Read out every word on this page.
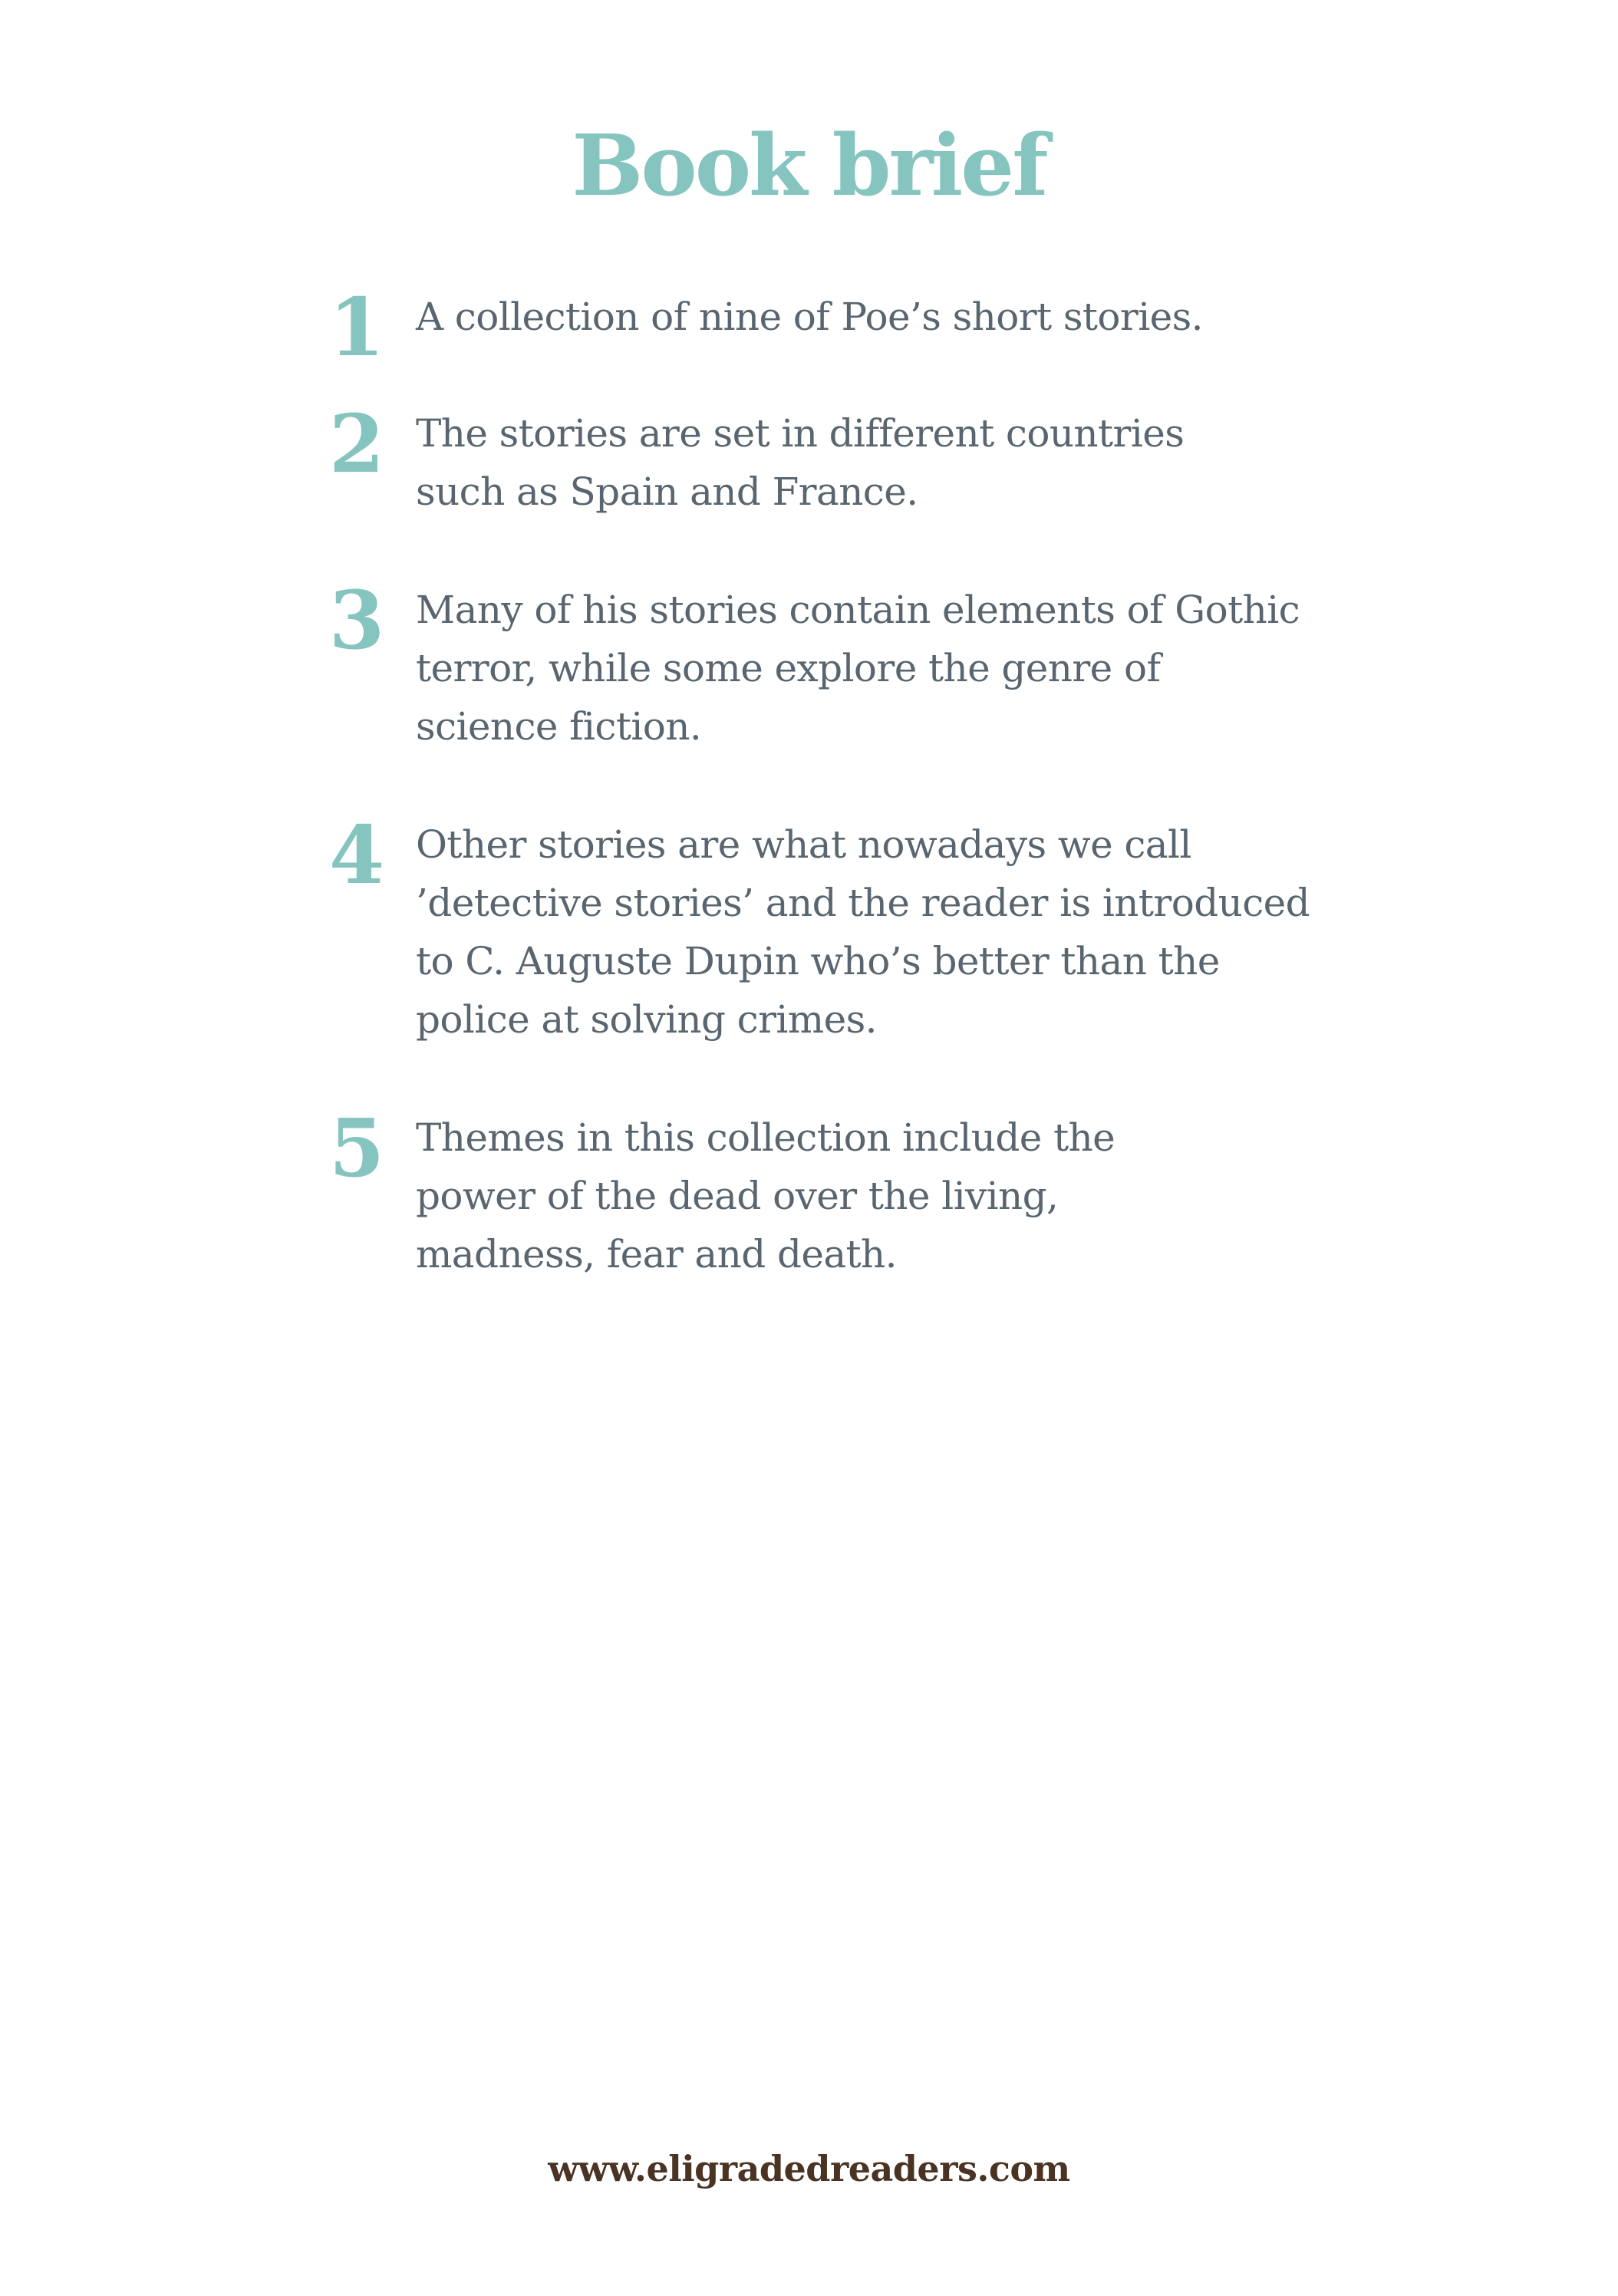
Book brief
1 A collection of nine of Poe’s short stories.

2 The stories are set in different countries such as Spain and France.

3 Many of his stories contain elements of Gothic terror, while some explore the genre of science fiction.

4 Other stories are what nowadays we call ’detective stories’ and the reader is introduced to C. Auguste Dupin who’s better than the police at solving crimes.

5 Themes in this collection include the power of the dead over the living, madness, fear and death.

www.eligradedreaders.com
